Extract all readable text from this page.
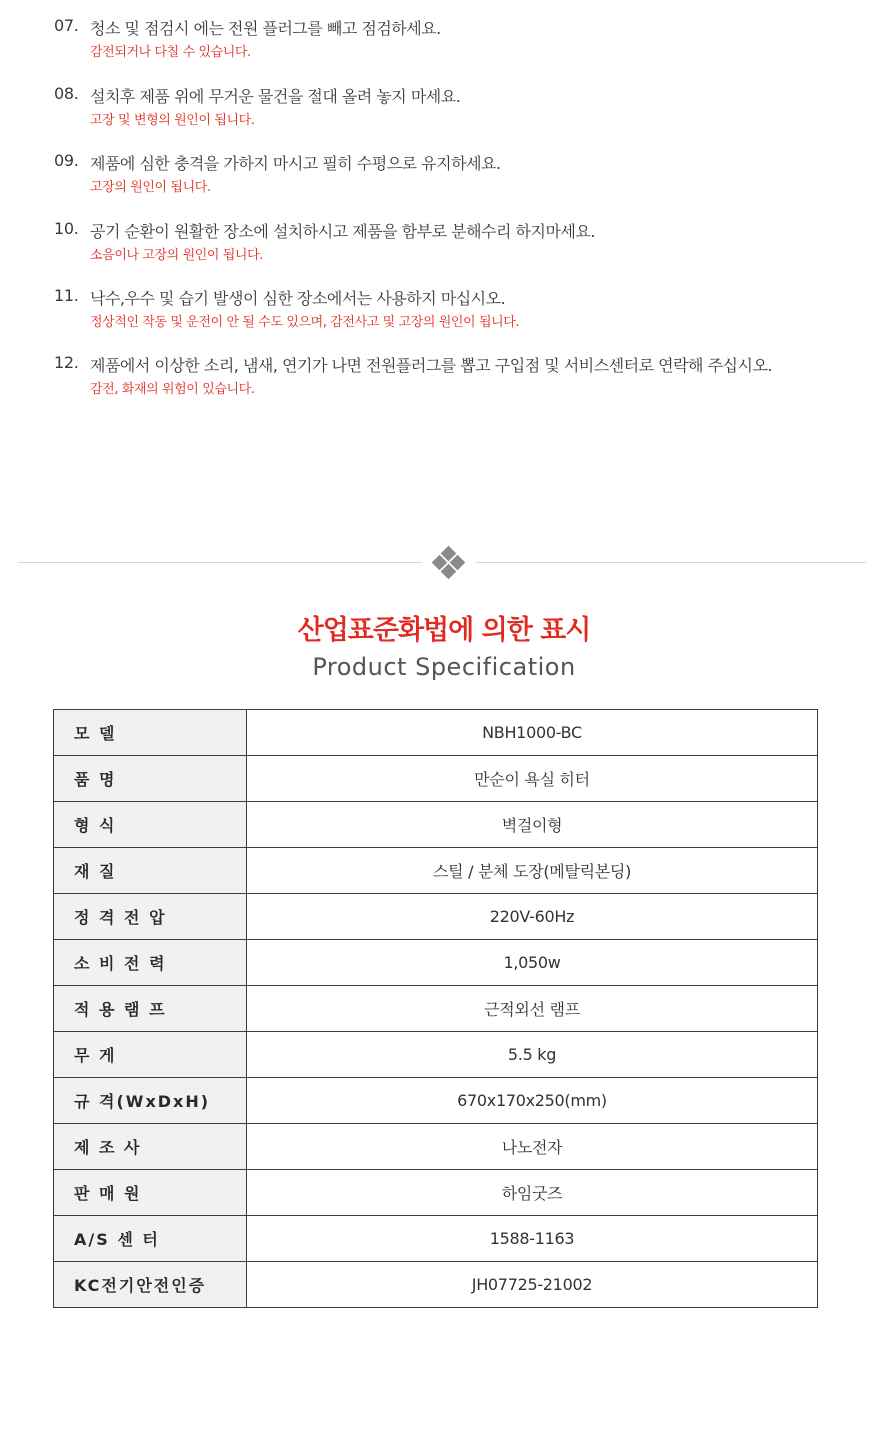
07. 청소 및 점검시 에는 전원 플러그를 빼고 점검하세요.
감전되거나 다칠 수 있습니다.
08. 설치후 제품 위에 무거운 물건을 절대 올려 놓지 마세요.
고장 및 변형의 원인이 됩니다.
09. 제품에 심한 충격을 가하지 마시고 필히 수평으로 유지하세요.
고장의 원인이 됩니다.
10. 공기 순환이 원활한 장소에 설치하시고 제품을 함부로 분해수리 하지마세요.
소음이나 고장의 원인이 됩니다.
11. 낙수,우수 및 습기 발생이 심한 장소에서는 사용하지 마십시오.
정상적인 작동 및 운전이 안 될 수도 있으며, 감전사고 및 고장의 원인이 됩니다.
12. 제품에서 이상한 소리, 냄새, 연기가 나면 전원플러그를 뽑고 구입점 및 서비스센터로 연락해 주십시오.
감전, 화재의 위험이 있습니다.
산업표준화법에 의한 표시
Product Specification
모 델	NBH1000-BC
품 명	만순이 욕실 히터
형 식	벽걸이형
재 질	스틸 / 분체 도장(메탈릭본딩)
정 격 전 압	220V-60Hz
소 비 전 력	1,050w
적 용 램 프	근적외선 램프
무 게	5.5 kg
규 격(WxDxH)	670x170x250(mm)
제 조 사	나노전자
판 매 원	하임굿즈
A/S 센 터	1588-1163
KC전기안전인증	JH07725-21002
